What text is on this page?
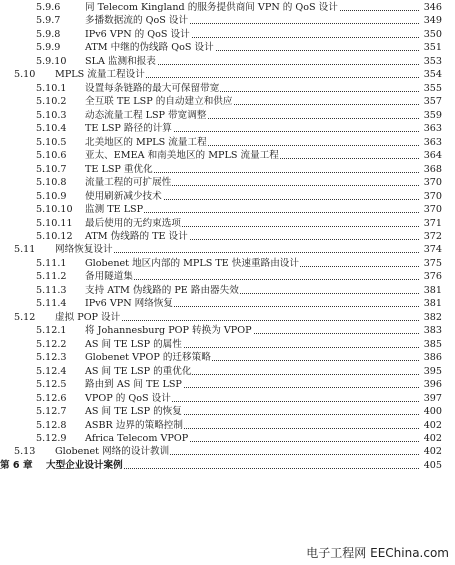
5.9.6	同 Telecom Kingland 的服务提供商间 VPN 的 QoS 设计	346
5.9.7	多播数据流的 QoS 设计	349
5.9.8	IPv6 VPN 的 QoS 设计	350
5.9.9	ATM 中继的伪线路 QoS 设计	351
5.9.10 SLA 监测和报表	353
5.10 MPLS 流量工程设计	354
5.10.1 设置每条链路的最大可保留带宽	355
5.10.2 全互联 TE LSP 的自动建立和供应	357
5.10.3 动态流量工程 LSP 带宽调整	359
5.10.4 TE LSP 路径的计算	363
5.10.5 北美地区的 MPLS 流量工程	363
5.10.6 亚太、EMEA 和南美地区的 MPLS 流量工程	364
5.10.7 TE LSP 重优化	368
5.10.8 流量工程的可扩展性	370
5.10.9 使用刷新减少技术	370
5.10.10 监测 TE LSP	370
5.10.11 最后使用的无约束选项	371
5.10.12 ATM 伪线路的 TE 设计	372
5.11 网络恢复设计	374
5.11.1 Globenet 地区内部的 MPLS TE 快速重路由设计	375
5.11.2 备用隧道集	376
5.11.3 支持 ATM 伪线路的 PE 路由器失效	381
5.11.4 IPv6 VPN 网络恢复	381
5.12 虚拟 POP 设计	382
5.12.1 将 Johannesburg POP 转换为 VPOP	383
5.12.2 AS 间 TE LSP 的属性	385
5.12.3 Globenet VPOP 的迁移策略	386
5.12.4 AS 间 TE LSP 的重优化	395
5.12.5 路由到 AS 间 TE LSP	396
5.12.6 VPOP 的 QoS 设计	397
5.12.7 AS 间 TE LSP 的恢复	400
5.12.8 ASBR 边界的策略控制	402
5.12.9 Africa Telecom VPOP	402
5.13 Globenet 网络的设计教训	402
第 6 章 大型企业设计案例	405
电子工程网 EEChina.com
